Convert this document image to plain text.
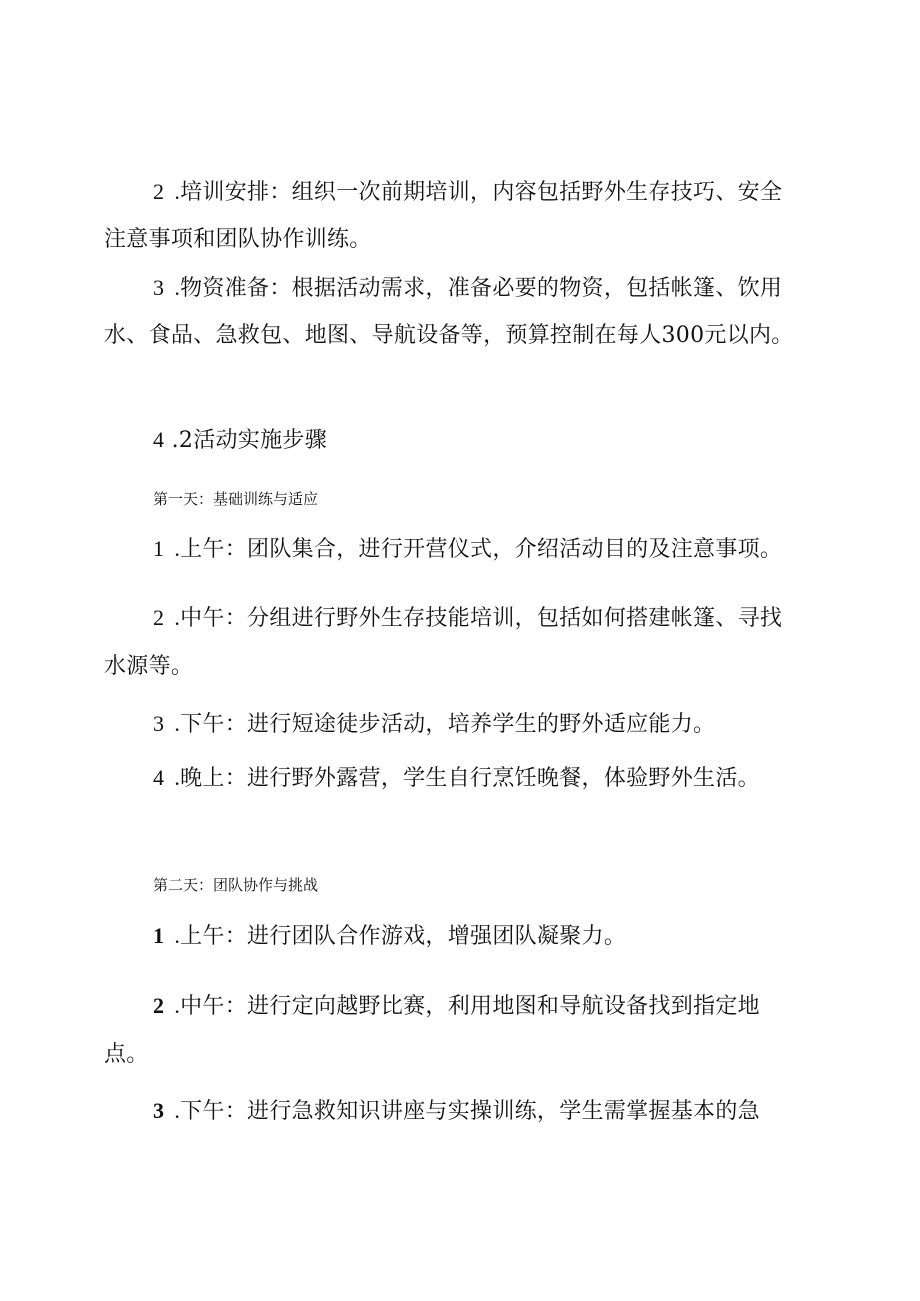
2 .培训安排：组织一次前期培训，内容包括野外生存技巧、安全
注意事项和团队协作训练。
3 .物资准备：根据活动需求，准备必要的物资，包括帐篷、饮用
水、食品、急救包、地图、导航设备等，预算控制在每人300元以内。
4 .2活动实施步骤
第一天：基础训练与适应
1 .上午：团队集合，进行开营仪式，介绍活动目的及注意事项。
2 .中午：分组进行野外生存技能培训，包括如何搭建帐篷、寻找
水源等。
3 .下午：进行短途徒步活动，培养学生的野外适应能力。
4 .晚上：进行野外露营，学生自行烹饪晚餐，体验野外生活。
第二天：团队协作与挑战
1 .上午：进行团队合作游戏，增强团队凝聚力。
2 .中午：进行定向越野比赛，利用地图和导航设备找到指定地
点。
3 .下午：进行急救知识讲座与实操训练，学生需掌握基本的急
